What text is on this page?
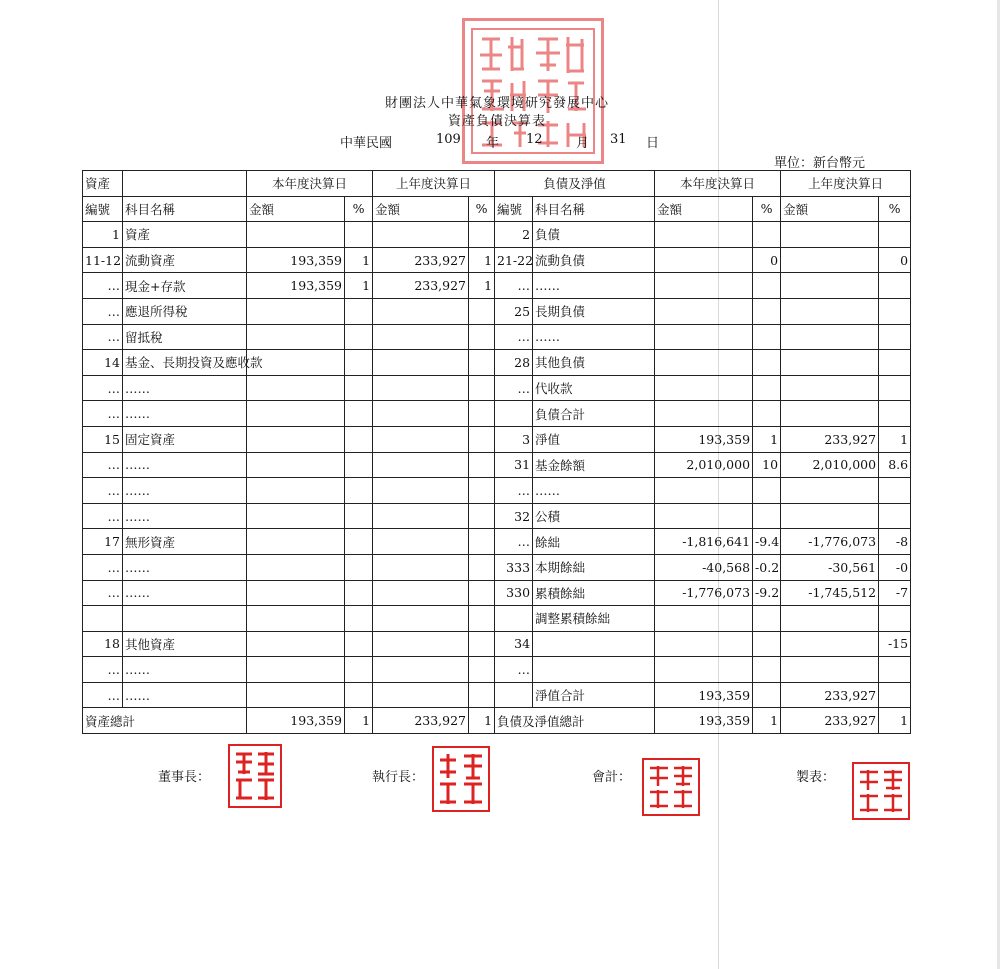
財團法人中華氣象環境研究發展中心
資產負債決算表
中華民國	109 年 12	月 31 日
單位：新台幣元
資產		本年度決算日		上年度決算日		負債及淨值		本年度決算日		上年度決算日	
編號	科目名稱	金額	%	金額	%	編號	科目名稱	金額	%	金額	%
1	資產					2	負債				
11-12	流動資產	193,359	1	233,927	1	21-22	流動負債		0		0
…	現金+存款	193,359	1	233,927	1	…	……				
…	應退所得稅					25	長期負債				
…	留抵稅					…	……				
14	基金、長期投資及應收款					28	其他負債				
…	……					…	代收款				
…	……						負債合計				
15	固定資產					3	淨值	193,359	1	233,927	1
…	……					31	基金餘額	2,010,000	10	2,010,000	8.6
…	……					…	……				
…	……					32	公積				
17	無形資產					…	餘絀	-1,816,641	-9.4	-1,776,073	-8
…	……					333	本期餘絀	-40,568	-0.2	-30,561	-0
…	……					330	累積餘絀	-1,776,073	-9.2	-1,745,512	-7
							調整累積餘絀				
18	其他資產					34					-15
…	……					…					
…	……						淨值合計	193,359		233,927	
資產總計		193,359	1	233,927	1	負債及淨值總計		193,359	1	233,927	1
董事長：	執行長：	會計：	製表：
